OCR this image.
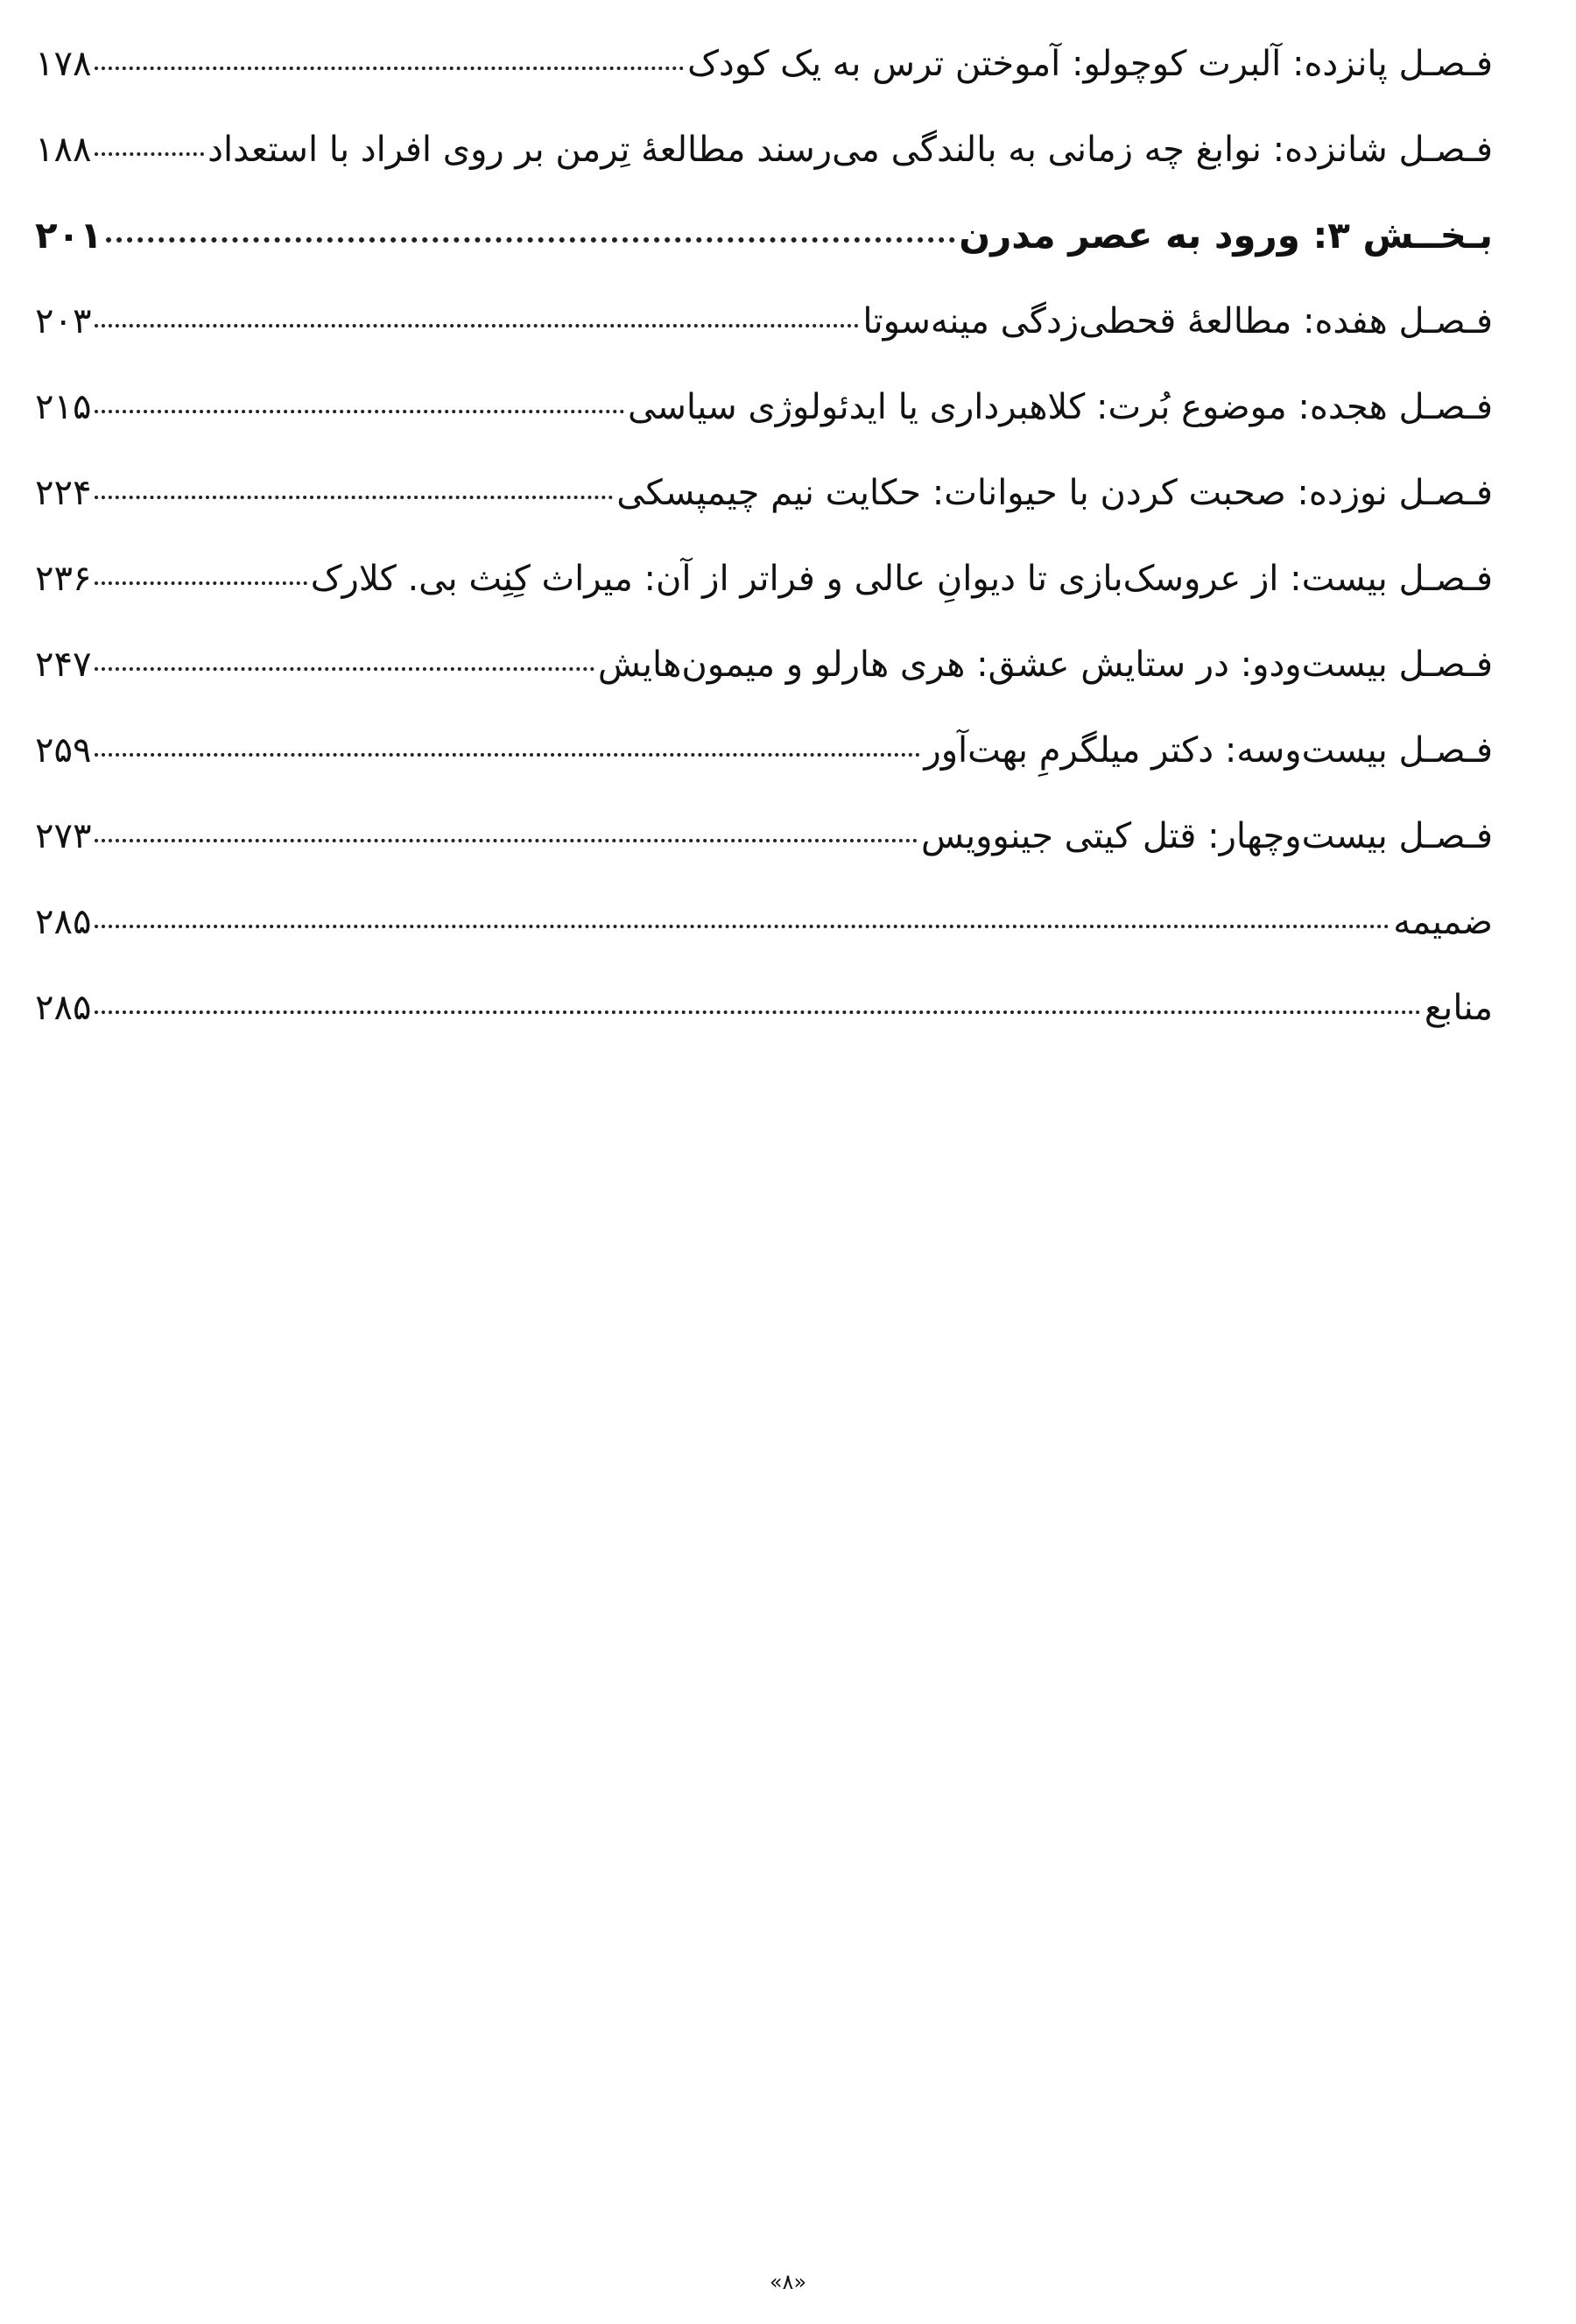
فـصـل پانزده: آلبرت کوچولو: آموختن ترس به یک کودک
۱۷۸
فـصـل شانزده: نوابغ چه زمانی به بالندگی می‌رسند مطالعهٔ تِرمن بر روی افراد با استعداد
۱۸۸
بـخــش ۳: ورود به عصر مدرن
۲۰۱
فـصـل هفده: مطالعهٔ قحطی‌زدگی مینه‌سوتا
۲۰۳
فـصـل هجده: موضوع بُرت: کلاهبرداری یا ایدئولوژی سیاسی
۲۱۵
فـصـل نوزده: صحبت کردن با حیوانات: حکایت نیم چیمپسکی
۲۲۴
فـصـل بیست: از عروسک‌بازی تا دیوانِ عالی و فراتر از آن: میراث کِنِث بی. کلارک
۲۳۶
فـصـل بیست‌ودو: در ستایش عشق: هری هارلو و میمون‌هایش
۲۴۷
فـصـل بیست‌وسه: دکتر میلگرمِ بهت‌آور
۲۵۹
فـصـل بیست‌وچهار: قتل کیتی جینوویس
۲۷۳
ضمیمه
۲۸۵
منابع
۲۸۵
«۸»
